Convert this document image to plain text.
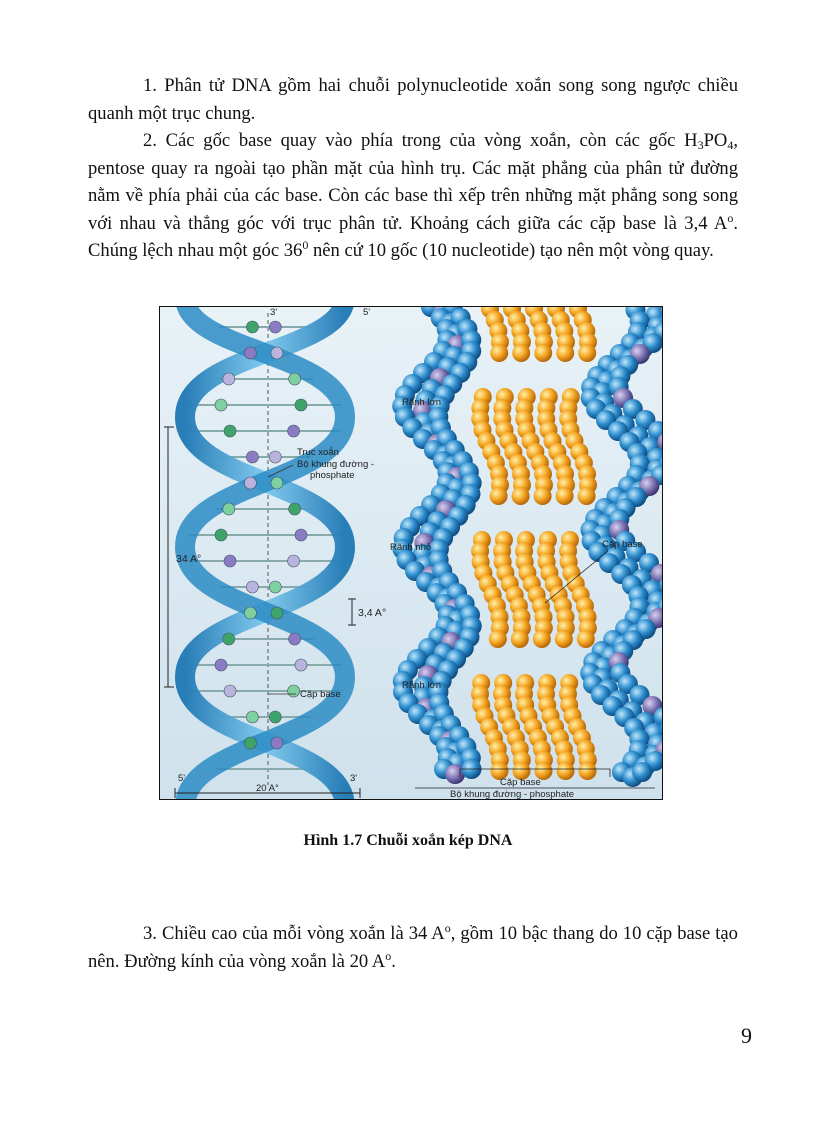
1. Phân tử DNA gồm hai chuỗi polynucleotide xoắn song song ngược chiều quanh một trục chung.

2. Các gốc base quay vào phía trong của vòng xoắn, còn các gốc $H_3PO_4$, pentose quay ra ngoài tạo phần mặt của hình trụ. Các mặt phẳng của phân tử đường nằm về phía phải của các base. Còn các base thì xếp trên những mặt phẳng song song với nhau và thẳng góc với trục phân tử. Khoảng cách giữa các cặp base là 3,4 $A^o$. Chúng lệch nhau một góc $36^0$ nên cứ 10 gốc (10 nucleotide) tạo nên một vòng quay.

3'	5'
5'	3'
34 A°
3,4 A°
20 A°
Trục xoắn
Bộ khung đường -
phosphate
Cặp base
Rãnh lớn
Rãnh nhỏ	Cặp base
Rãnh lớn
Cặp base
Bộ khung đường - phosphate
Hình 1.7 Chuỗi xoắn kép DNA

3. Chiều cao của mỗi vòng xoắn là 34 $A^o$, gồm 10 bậc thang do 10 cặp base tạo nên. Đường kính của vòng xoắn là 20 $A^o$.

9
